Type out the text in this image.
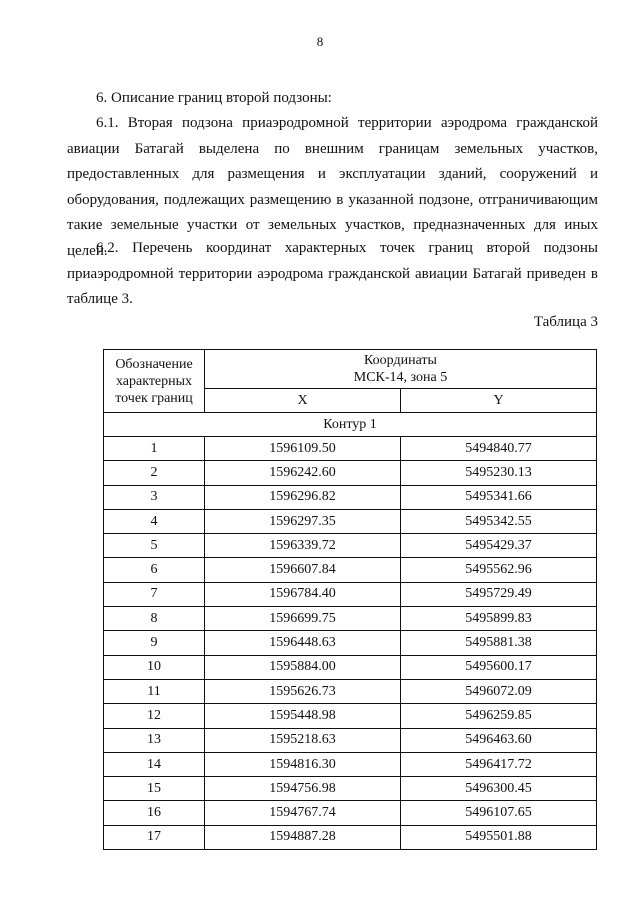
8
6. Описание границ второй подзоны:

6.1. Вторая подзона приаэродромной территории аэродрома гражданской авиации Батагай выделена по внешним границам земельных участков, предоставленных для размещения и эксплуатации зданий, сооружений и оборудования, подлежащих размещению в указанной подзоне, отграничивающим такие земельные участки от земельных участков, предназначенных для иных целей.

6.2. Перечень координат характерных точек границ второй подзоны приаэродромной территории аэродрома гражданской авиации Батагай приведен в таблице 3.

Таблица 3
Обозначение характерных точек границ	Координаты
МСК-14, зона 5	

	X	Y
Контур 1		
1	1596109.50	5494840.77
2	1596242.60	5495230.13
3	1596296.82	5495341.66
4	1596297.35	5495342.55
5	1596339.72	5495429.37
6	1596607.84	5495562.96
7	1596784.40	5495729.49
8	1596699.75	5495899.83
9	1596448.63	5495881.38
10	1595884.00	5495600.17
11	1595626.73	5496072.09
12	1595448.98	5496259.85
13	1595218.63	5496463.60
14	1594816.30	5496417.72
15	1594756.98	5496300.45
16	1594767.74	5496107.65
17	1594887.28	5495501.88
